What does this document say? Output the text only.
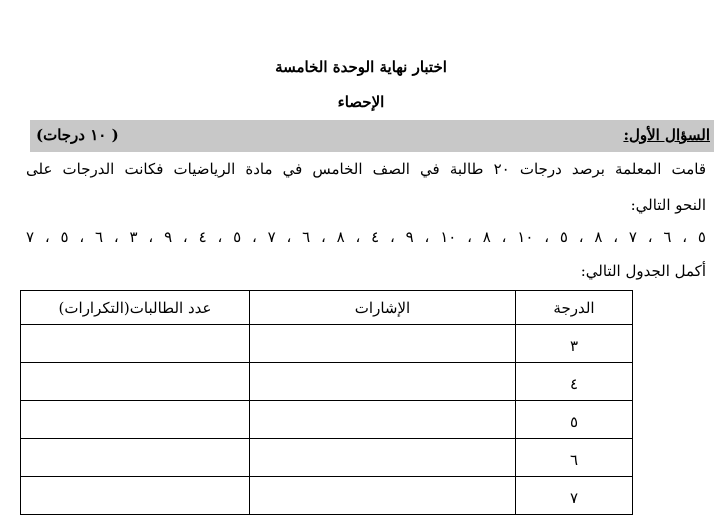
اختبار نهاية الوحدة الخامسة
الإحصاء
السؤال الأول:
( ١٠ درجات)
قامت المعلمة برصد درجات ٢٠ طالبة في الصف الخامس في مادة الرياضيات فكانت الدرجات على
النحو التالي:
٥ ، ٦ ، ٧ ، ٨ ، ٥ ، ١٠ ، ٨ ، ١٠ ، ٩ ، ٤ ، ٨ ، ٦ ، ٧ ، ٥ ، ٤ ، ٩ ، ٣ ، ٦ ، ٥ ، ٧
أكمل الجدول التالي:
الدرجة	الإشارات	عدد الطالبات(التكرارات)
٣		
٤		
٥		
٦		
٧		
